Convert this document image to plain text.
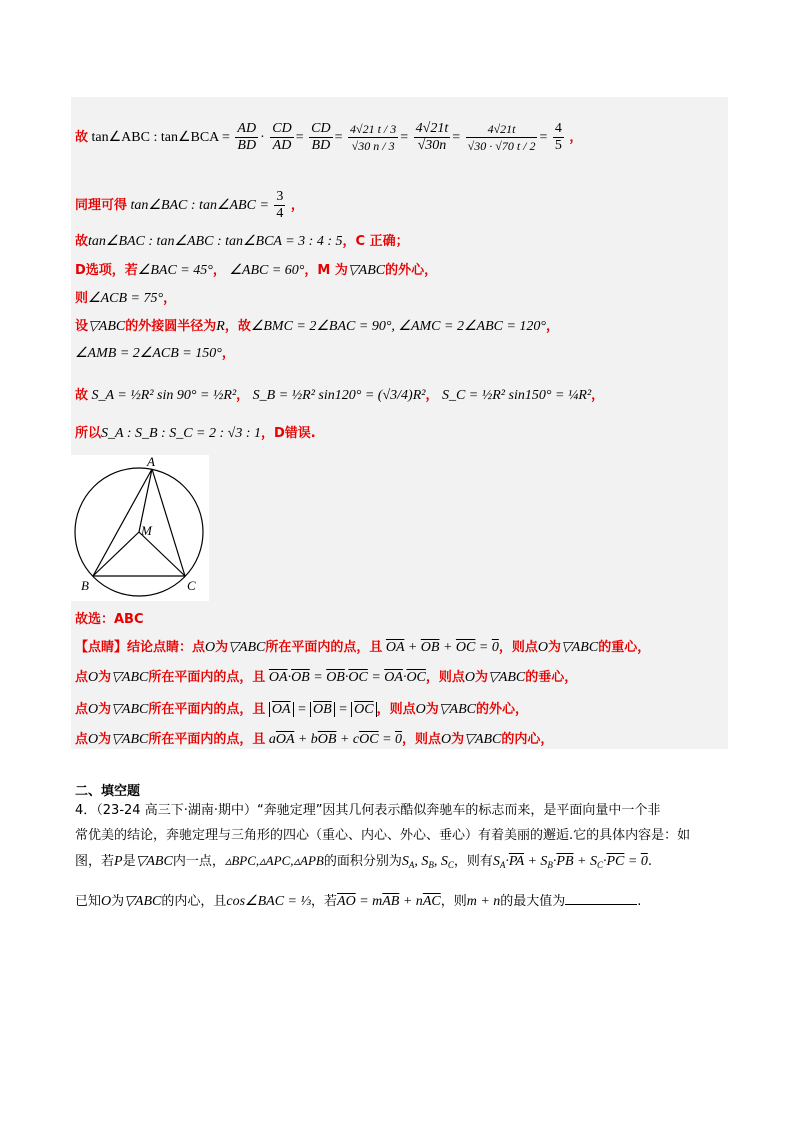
故 tan∠ABC : tan∠BCA = $\frac{AD}{BD} \cdot \frac{CD}{AD} = \frac{CD}{BD} = \frac{4√21 t / 3}{√30 n / 3} = \frac{4√21t}{√30n} = \frac{4√21t}{√30 \cdot √70 t / 2} = \frac{4}{5}$ ，
同理可得 tan∠BAC : tan∠ABC = $\frac{3}{4}$ ，
故tan∠BAC : tan∠ABC : tan∠BCA = 3 : 4 : 5，C 正确；
D选项，若∠BAC = 45°， ∠ABC = 60°，M 为▽ABC的外心，
则∠ACB = 75°，
设▽ABC的外接圆半径为R，故∠BMC = 2∠BAC = 90°, ∠AMC = 2∠ABC = 120°，
∠AMB = 2∠ACB = 150°，
故 S_A = ½R² sin 90° = ½R²， S_B = ½R² sin120° = (√3/4)R²， S_C = ½R² sin150° = ¼R²，
所以S_A : S_B : S_C = 2 : √3 : 1，D错误.
A
B	C
M
故选：ABC
【点睛】结论点睛：点O为▽ABC所在平面内的点，且 $\overline{OA} + \overline{OB} + \overline{OC} = 0$，则点O为▽ABC的重心，
点O为▽ABC所在平面内的点，且 $\overline{OA}\cdot\overline{OB} = \overline{OB}\cdot\overline{OC} = \overline{OA}\cdot\overline{OC}$，则点O为▽ABC的垂心，
点O为▽ABC所在平面内的点，且 $\overline{OA} = \overline{OB} = \overline{OC}$ ，则点O为▽ABC的外心，
点O为▽ABC所在平面内的点，且 $a\overline{OA} + b\overline{OB} + c\overline{OC} = 0$，则点O为▽ABC的内心，
二、填空题
4．（23-24 高三下·湖南·期中）“奔驰定理”因其几何表示酷似奔驰车的标志而来，是平面向量中一个非
常优美的结论，奔驰定理与三角形的四心（重心、内心、外心、垂心）有着美丽的邂逅.它的具体内容是：如
图，若P是▽ABC内一点，▵BPC,▵APC,▵APB的面积分别为$S_A$, $S_B$, $S_C$，则有$S_A\cdot\overline{PA} + S_B\cdot\overline{PB} + S_C\cdot\overline{PC} = 0$.
已知O为▽ABC的内心，且cos∠BAC = ⅓，若$\overline{AO} = m\overline{AB} + n\overline{AC}$，则m + n的最大值为	.
